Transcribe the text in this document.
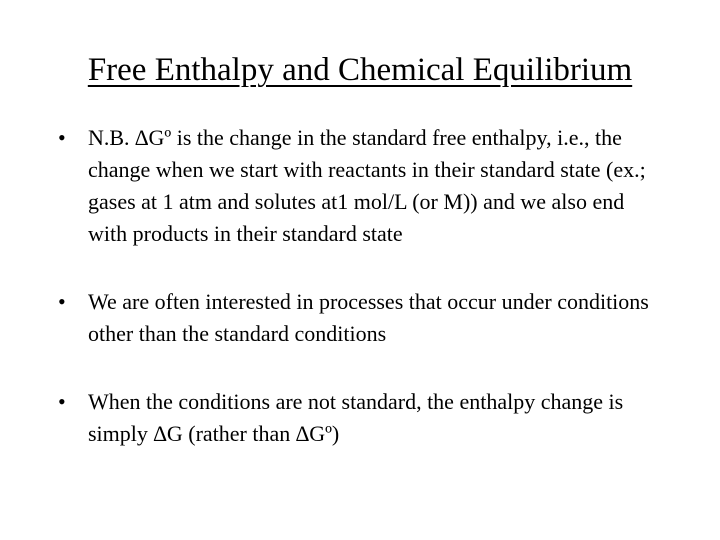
Free Enthalpy and Chemical Equilibrium
• N.B. ∆Gº is the change in the standard free enthalpy, i.e., the change when we start with reactants in their standard state (ex.; gases at 1 atm and solutes at1 mol/L (or M)) and we also end with products in their standard state
• We are often interested in processes that occur under conditions other than the standard conditions
• When the conditions are not standard, the enthalpy change is simply ∆G (rather than ∆Gº)
